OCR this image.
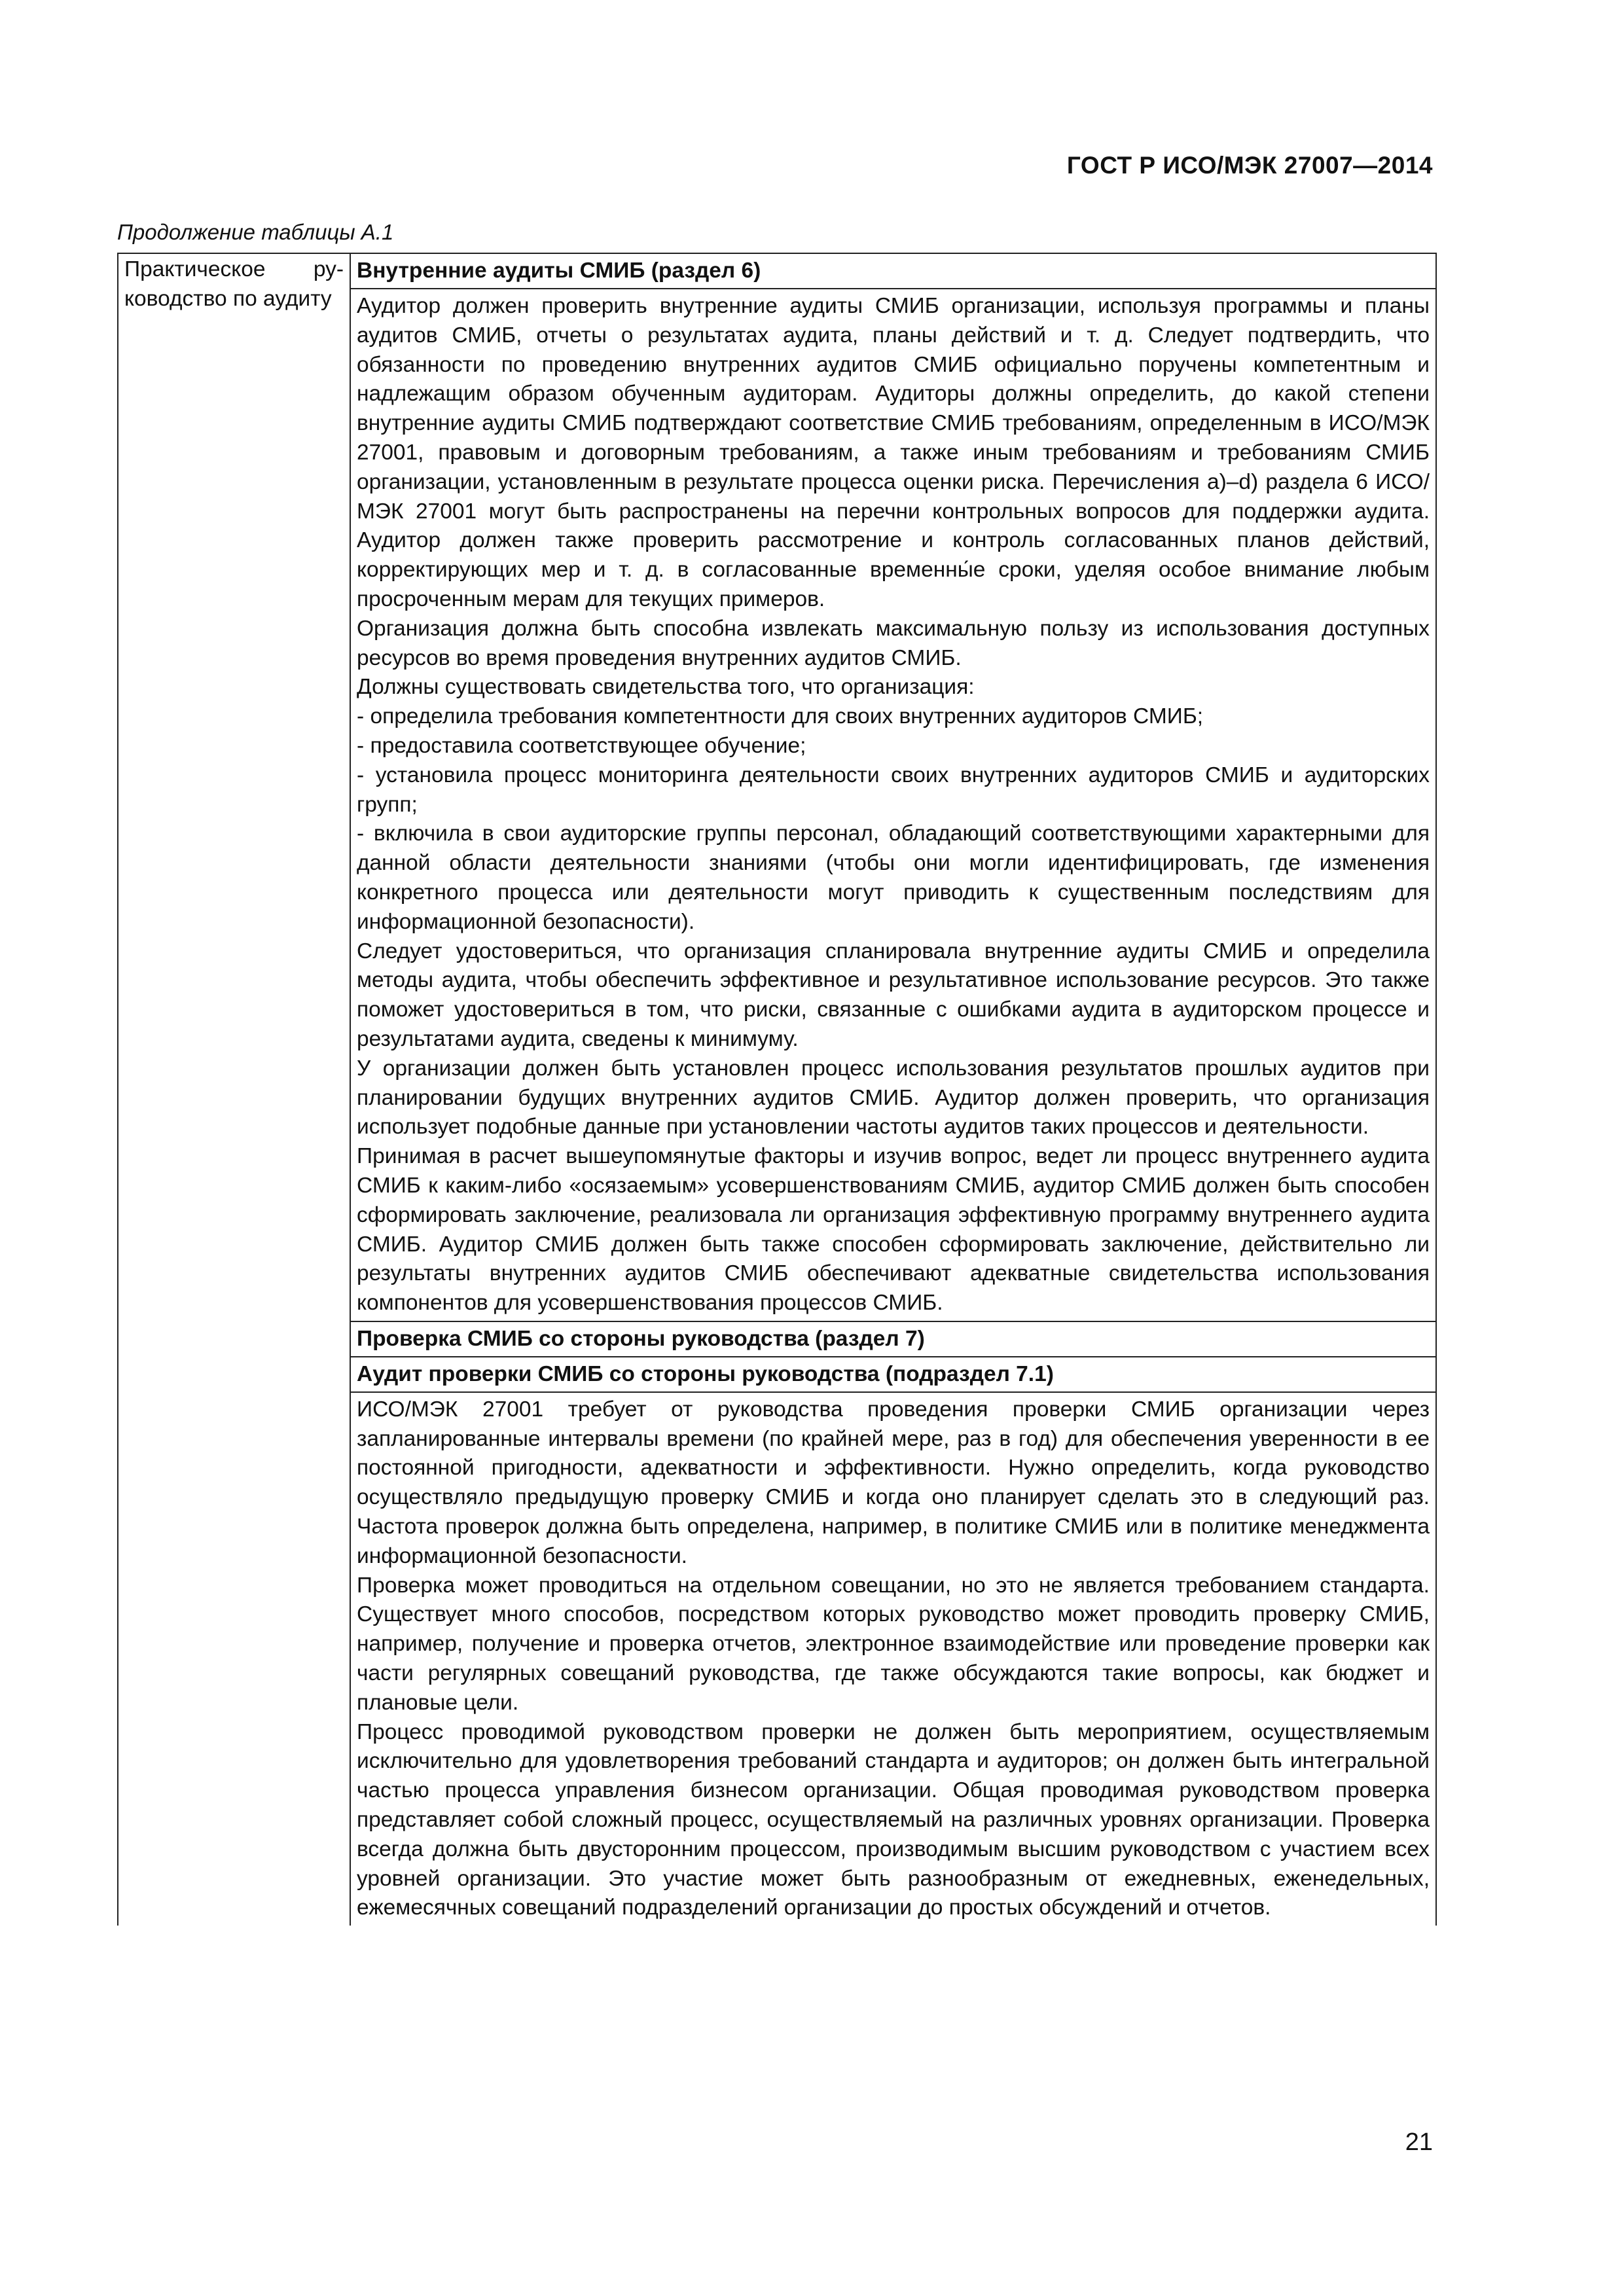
ГОСТ Р ИСО/МЭК 27007—2014
Продолжение таблицы А.1
Практическое руководство по аудиту
	Внутренние аудиты СМИБ (раздел 6)

Аудитор должен проверить внутренние аудиты СМИБ организации, используя программы и планы аудитов СМИБ, отчеты о результатах аудита, планы действий и т. д. Следует подтвердить, что обязанности по проведению внутренних аудитов СМИБ официально поручены компетентным и надлежащим образом обученным аудиторам. Аудиторы должны определить, до какой степени внутренние аудиты СМИБ подтверждают соответствие СМИБ требованиям, определенным в ИСО/МЭК 27001, правовым и договорным требованиям, а также иным требованиям и требованиям СМИБ организации, установленным в результате процесса оценки риска. Перечисления a)–d) раздела 6 ИСО/МЭК 27001 могут быть распространены на перечни контрольных вопросов для поддержки аудита. Аудитор должен также проверить рассмотрение и контроль согласованных планов действий, корректирующих мер и т. д. в согласованные временны́е сроки, уделяя особое внимание любым просроченным мерам для текущих примеров.
Организация должна быть способна извлекать максимальную пользу из использования доступных ресурсов во время проведения внутренних аудитов СМИБ.
Должны существовать свидетельства того, что организация:
- определила требования компетентности для своих внутренних аудиторов СМИБ;
- предоставила соответствующее обучение;
- установила процесс мониторинга деятельности своих внутренних аудиторов СМИБ и аудиторских групп;
- включила в свои аудиторские группы персонал, обладающий соответствующими характерными для данной области деятельности знаниями (чтобы они могли идентифицировать, где изменения конкретного процесса или деятельности могут приводить к существенным последствиям для информационной безопасности).
Следует удостовериться, что организация спланировала внутренние аудиты СМИБ и определила методы аудита, чтобы обеспечить эффективное и результативное использование ресурсов. Это также поможет удостовериться в том, что риски, связанные с ошибками аудита в аудиторском процессе и результатами аудита, сведены к минимуму.
У организации должен быть установлен процесс использования результатов прошлых аудитов при планировании будущих внутренних аудитов СМИБ. Аудитор должен проверить, что организация использует подобные данные при установлении частоты аудитов таких процессов и деятельности.
Принимая в расчет вышеупомянутые факторы и изучив вопрос, ведет ли процесс внутреннего аудита СМИБ к каким-либо «осязаемым» усовершенствованиям СМИБ, аудитор СМИБ должен быть способен сформировать заключение, реализовала ли организация эффективную программу внутреннего аудита СМИБ. Аудитор СМИБ должен быть также способен сформировать заключение, действительно ли результаты внутренних аудитов СМИБ обеспечивают адекватные свидетельства использования компонентов для усовершенствования процессов СМИБ.

Проверка СМИБ со стороны руководства (раздел 7)
Аудит проверки СМИБ со стороны руководства (подраздел 7.1)

ИСО/МЭК 27001 требует от руководства проведения проверки СМИБ организации через запланированные интервалы времени (по крайней мере, раз в год) для обеспечения уверенности в ее постоянной пригодности, адекватности и эффективности. Нужно определить, когда руководство осуществляло предыдущую проверку СМИБ и когда оно планирует сделать это в следующий раз. Частота проверок должна быть определена, например, в политике СМИБ или в политике менеджмента информационной безопасности.
Проверка может проводиться на отдельном совещании, но это не является требованием стандарта. Существует много способов, посредством которых руководство может проводить проверку СМИБ, например, получение и проверка отчетов, электронное взаимодействие или проведение проверки как части регулярных совещаний руководства, где также обсуждаются такие вопросы, как бюджет и плановые цели.
Процесс проводимой руководством проверки не должен быть мероприятием, осуществляемым исключительно для удовлетворения требований стандарта и аудиторов; он должен быть интегральной частью процесса управления бизнесом организации. Общая проводимая руководством проверка представляет собой сложный процесс, осуществляемый на различных уровнях организации. Проверка всегда должна быть двусторонним процессом, производимым высшим руководством с участием всех уровней организации. Это участие может быть разнообразным от ежедневных, еженедельных, ежемесячных совещаний подразделений организации до простых обсуждений и отчетов.
21
